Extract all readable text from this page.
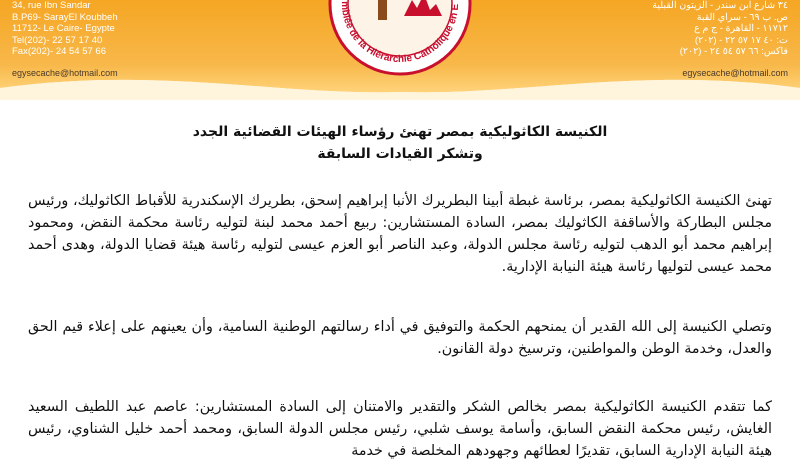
34, rue Ibn Sandar
B.P69- SarayEl Koubbeh
11712- Le Caire- Egypte
Tel(202)- 22 57 17 40
Fax(202)- 24 54 57 66
egysecache@hotmail.com
٣٤ شارع ابن سندر - الزيتون القبلية
ص. ب ٦٩ - سراي القبة
١١٧١٢ - القاهرة - ج م ع
ت: ٤٠ ١٧ ٥٧ ٢٢ - (٢٠٢)
فاكس: ٦٦ ٥٧ ٥٤ ٢٤ - (٢٠٢)
egysecache@hotmail.com
mblée de la Hiérarchie Catholique en E
الكنيسة الكاثوليكية بمصر تهنئ رؤساء الهيئات القضائية الجدد
وتشكر القيادات السابقة

تهنئ الكنيسة الكاثوليكية بمصر، برئاسة غبطة أبينا البطريرك الأنبا إبراهيم إسحق، بطريرك الإسكندرية للأقباط الكاثوليك، ورئيس مجلس البطاركة والأساقفة الكاثوليك بمصر، السادة المستشارين: ربيع أحمد محمد لبنة لتوليه رئاسة محكمة النقض، ومحمود إبراهيم محمد أبو الدهب لتوليه رئاسة مجلس الدولة، وعبد الناصر أبو العزم عيسى لتوليه رئاسة هيئة قضايا الدولة، وهدى أحمد محمد عيسى لتوليها رئاسة هيئة النيابة الإدارية.

وتصلي الكنيسة إلى الله القدير أن يمنحهم الحكمة والتوفيق في أداء رسالتهم الوطنية السامية، وأن يعينهم على إعلاء قيم الحق والعدل، وخدمة الوطن والمواطنين، وترسيخ دولة القانون.

كما تتقدم الكنيسة الكاثوليكية بمصر بخالص الشكر والتقدير والامتنان إلى السادة المستشارين: عاصم عبد اللطيف السعيد الغايش، رئيس محكمة النقض السابق، وأسامة يوسف شلبي، رئيس مجلس الدولة السابق، ومحمد أحمد خليل الشناوي، رئيس هيئة النيابة الإدارية السابق، تقديرًا لعطائهم وجهودهم المخلصة في خدمة
